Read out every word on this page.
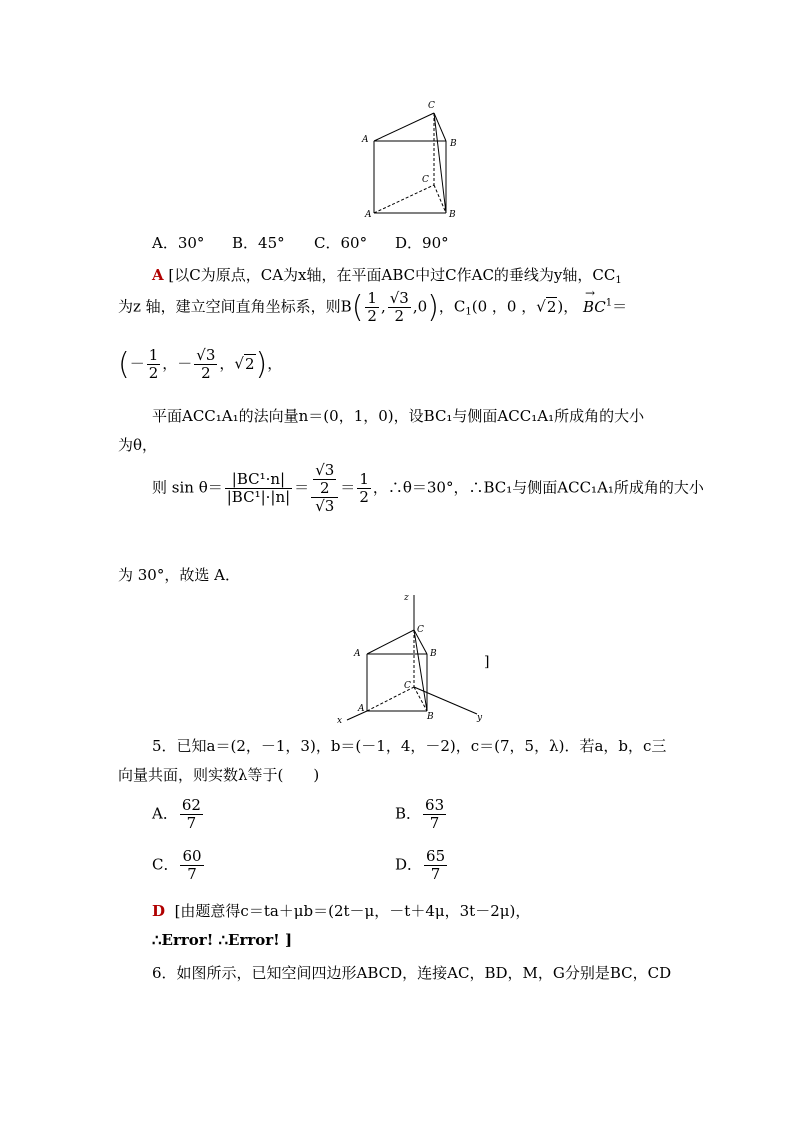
C
A	B
C
A	B
A．30° B．45° C．60° D．90°
A [以C为原点，CA为x轴，在平面ABC中过C作AC的垂线为y轴，$CC_1$
为z 轴，建立空间直角坐标系，则$B( \frac{1}{2}$ , $\frac{√3}{2} ,0$)，$C_1(0$ ，0 ，√2)， → $BC^1=$
(－ $\frac{1}{2}$ ，－ $\frac{√3}{2}$ ，√2)，
平面ACC₁A₁的法向量n＝(0，1，0)，设BC₁与侧面ACC₁A₁所成角的大小
为θ，
则 $\sin \theta= \frac{\text{|BC¹·n|}}{\text{|BC¹|·|n|}} = √3$
2
$√3 = \frac{1}{2}$ ，∴θ＝30°，∴BC₁与侧面ACC₁A₁所成角的大小
为 30°，故选 A．
z
C
A	B
C
A
B
x	y
]
5．已知a＝(2，－1，3)，b＝(－1，4，－2)，c＝(7，5，λ)．若a，b，c三
向量共面，则实数λ等于(　　)
A． $\frac{62}{7}$	B． $\frac{63}{7}$
C． $\frac{60}{7}$	D． $\frac{65}{7}$
D [由题意得c＝ta＋μb＝(2t－μ，－t＋4μ，3t－2μ)，
∴Error! ∴Error! ]
6．如图所示，已知空间四边形ABCD，连接AC，BD，M，G分别是BC，CD
